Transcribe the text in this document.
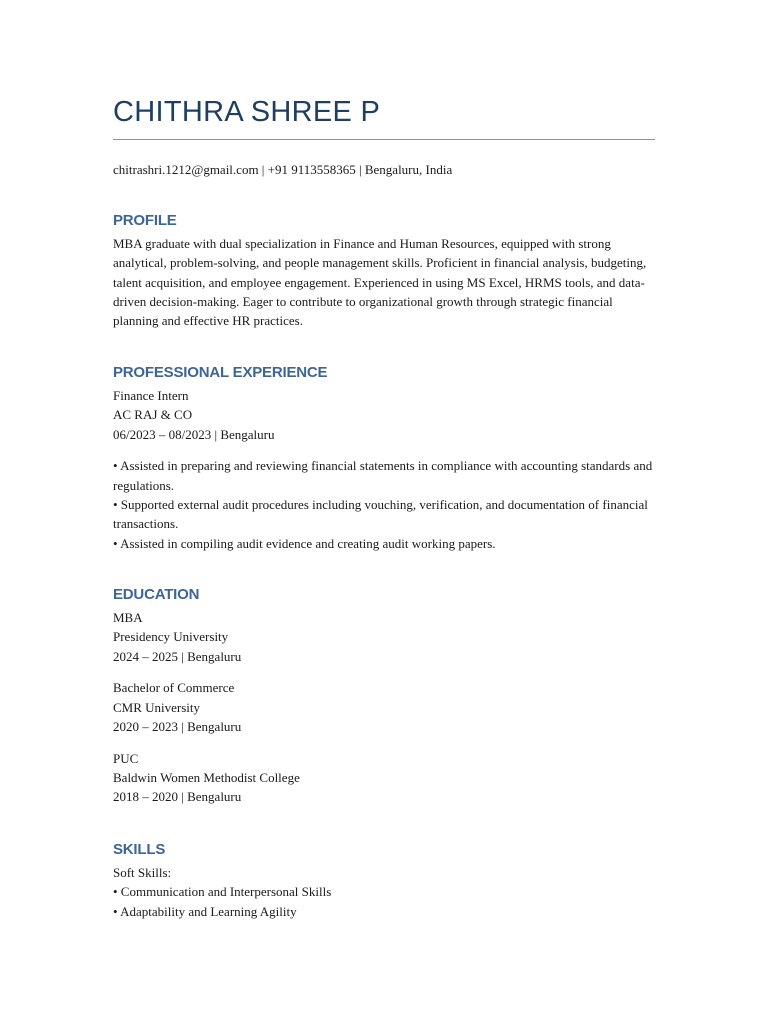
CHITHRA SHREE P
chitrashri.1212@gmail.com | +91 9113558365 | Bengaluru, India
PROFILE

MBA graduate with dual specialization in Finance and Human Resources, equipped with strong analytical, problem-solving, and people management skills. Proficient in financial analysis, budgeting, talent acquisition, and employee engagement. Experienced in using MS Excel, HRMS tools, and data-driven decision-making. Eager to contribute to organizational growth through strategic financial planning and effective HR practices.

PROFESSIONAL EXPERIENCE
Finance Intern
AC RAJ & CO
06/2023 – 08/2023 | Bengaluru
• Assisted in preparing and reviewing financial statements in compliance with accounting standards and regulations.
• Supported external audit procedures including vouching, verification, and documentation of financial transactions.
• Assisted in compiling audit evidence and creating audit working papers.
EDUCATION
MBA
Presidency University
2024 – 2025 | Bengaluru
Bachelor of Commerce
CMR University
2020 – 2023 | Bengaluru
PUC
Baldwin Women Methodist College
2018 – 2020 | Bengaluru
SKILLS
Soft Skills:
• Communication and Interpersonal Skills
• Adaptability and Learning Agility
